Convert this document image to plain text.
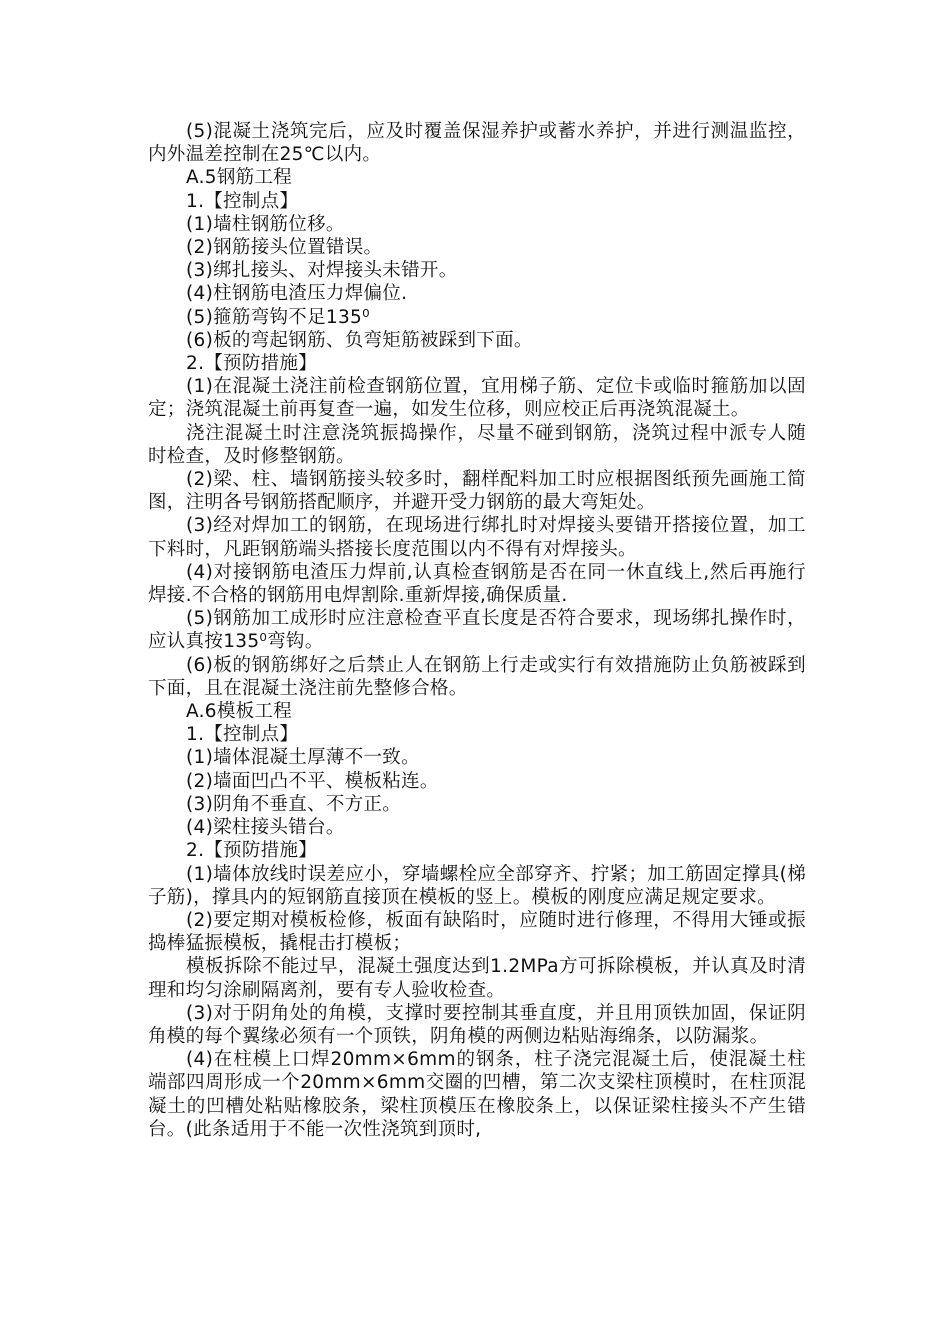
(5)混凝土浇筑完后，应及时覆盖保湿养护或蓄水养护，并进行测温监控，内外温差控制在25℃以内。

A.5钢筋工程

1.【控制点】

(1)墙柱钢筋位移。

(2)钢筋接头位置错误。

(3)绑扎接头、对焊接头未错开。

(4)柱钢筋电渣压力焊偏位.

(5)箍筋弯钩不足135⁰

(6)板的弯起钢筋、负弯矩筋被踩到下面。

2.【预防措施】

(1)在混凝土浇注前检查钢筋位置，宜用梯子筋、定位卡或临时箍筋加以固定；浇筑混凝土前再复查一遍，如发生位移，则应校正后再浇筑混凝土。

浇注混凝土时注意浇筑振捣操作，尽量不碰到钢筋，浇筑过程中派专人随时检查，及时修整钢筋。

(2)梁、柱、墙钢筋接头较多时，翻样配料加工时应根据图纸预先画施工简图，注明各号钢筋搭配顺序，并避开受力钢筋的最大弯矩处。

(3)经对焊加工的钢筋，在现场进行绑扎时对焊接头要错开搭接位置，加工下料时，凡距钢筋端头搭接长度范围以内不得有对焊接头。

(4)对接钢筋电渣压力焊前,认真检查钢筋是否在同一休直线上,然后再施行焊接.不合格的钢筋用电焊割除.重新焊接,确保质量.

(5)钢筋加工成形时应注意检查平直长度是否符合要求，现场绑扎操作时，应认真按135⁰弯钩。

(6)板的钢筋绑好之后禁止人在钢筋上行走或实行有效措施防止负筋被踩到下面，且在混凝土浇注前先整修合格。

A.6模板工程

1.【控制点】

(1)墙体混凝土厚薄不一致。

(2)墙面凹凸不平、模板粘连。

(3)阴角不垂直、不方正。

(4)梁柱接头错台。

2.【预防措施】

(1)墙体放线时误差应小，穿墙螺栓应全部穿齐、拧紧；加工筋固定撑具(梯子筋)，撑具内的短钢筋直接顶在模板的竖上。模板的刚度应满足规定要求。

(2)要定期对模板检修，板面有缺陷时，应随时进行修理，不得用大锤或振捣棒猛振模板，撬棍击打模板；

模板拆除不能过早，混凝土强度达到1.2MPa方可拆除模板，并认真及时清理和均匀涂刷隔离剂，要有专人验收检查。

(3)对于阴角处的角模，支撑时要控制其垂直度，并且用顶铁加固，保证阴角模的每个翼缘必须有一个顶铁，阴角模的两侧边粘贴海绵条，以防漏浆。

(4)在柱模上口焊20mm×6mm的钢条，柱子浇完混凝土后，使混凝土柱端部四周形成一个20mm×6mm交圈的凹槽，第二次支梁柱顶模时，在柱顶混凝土的凹槽处粘贴橡胶条，梁柱顶模压在橡胶条上，以保证梁柱接头不产生错台。(此条适用于不能一次性浇筑到顶时,
